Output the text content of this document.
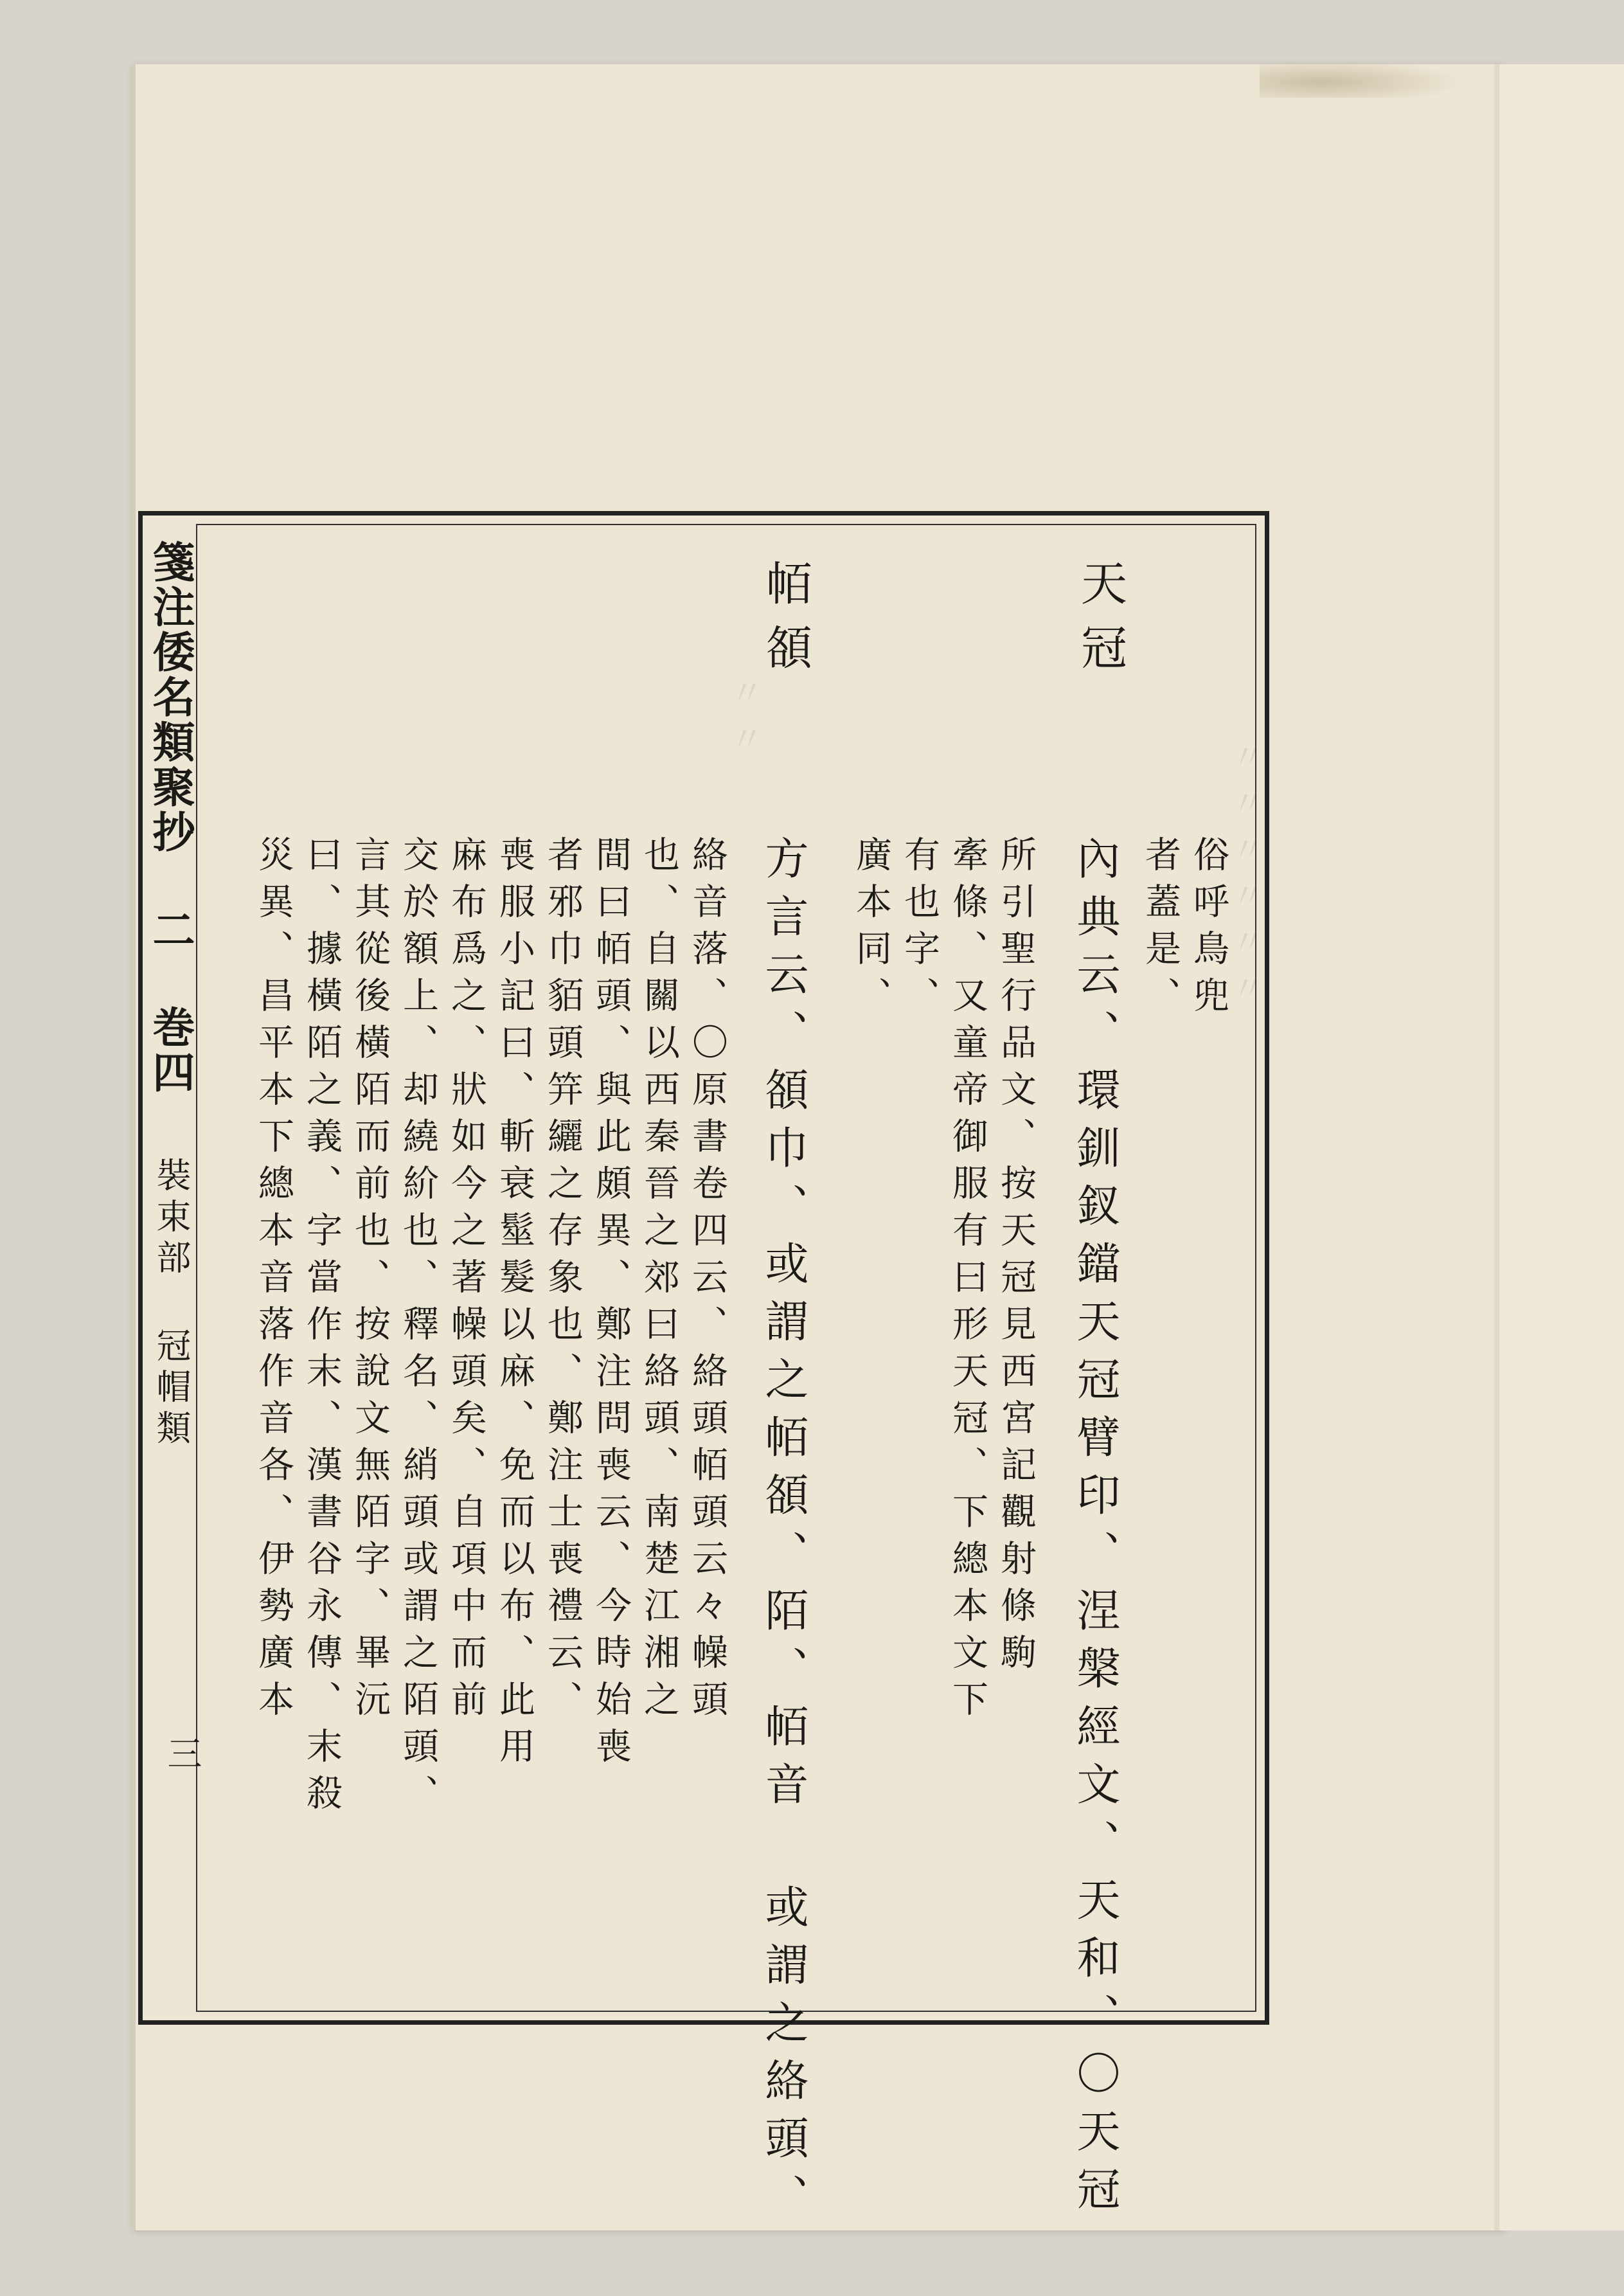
〃〃〃〃〃〃
〃〃
箋注倭名類聚抄 二 巻四
裝束部 冠帽類
三
天冠
俗呼鳥兜
者蓋是、
內典云、環釧釵鐺天冠臂印、涅槃經文、天和、〇天冠
所引聖行品文、按天冠見西宮記觀射條駒
牽條、又童帝御服有曰形天冠、下總本文下
有也字、
廣本同、
帞頟
方言云、頟巾、或謂之帞頟、陌、帞音 或謂之絡頭、
絡音落、〇原書卷四云、絡頭帞頭云々幧頭
也、自關以西秦晉之郊曰絡頭、南楚江湘之
間曰帞頭、與此頗異、鄭注問喪云、今時始喪
者邪巾貊頭笄纚之存象也、鄭注士喪禮云、
喪服小記曰、斬衰髽髮以麻、免而以布、此用
麻布爲之、狀如今之著幧頭矣、自項中而前
交於額上、却繞紒也、釋名、綃頭或謂之陌頭、
言其從後橫陌而前也、按說文無陌字、畢沅
曰、據橫陌之義、字當作末、漢書谷永傳、末殺
災異、昌平本下總本音落作音各、伊勢廣本
